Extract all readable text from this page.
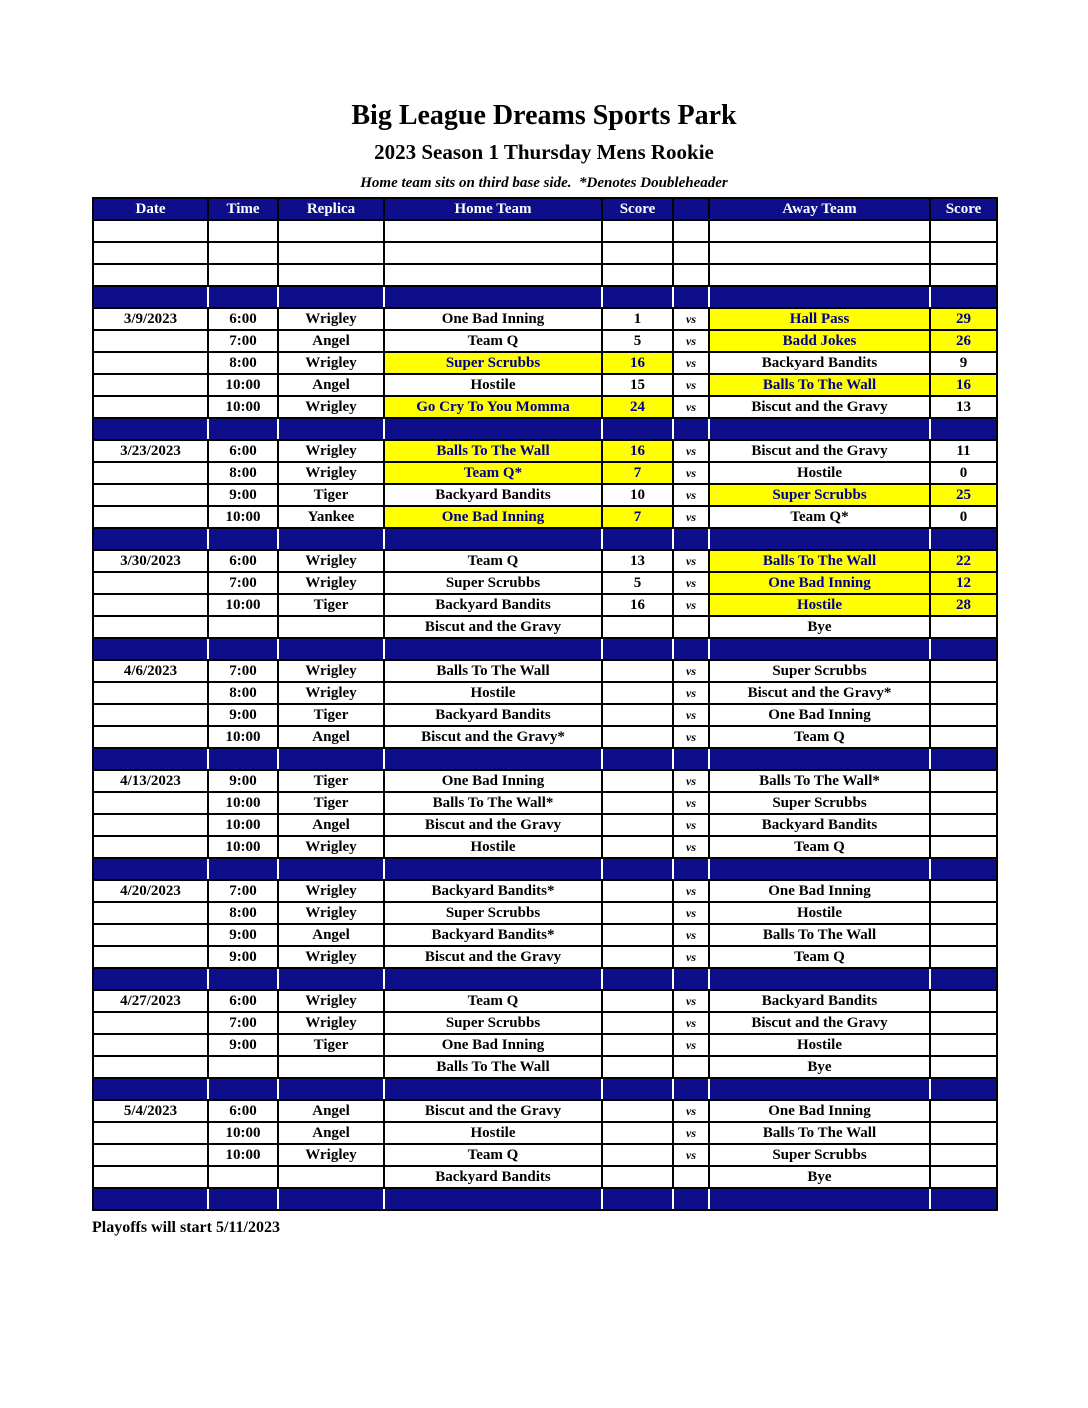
Big League Dreams Sports Park
2023 Season 1 Thursday Mens Rookie
Home team sits on third base side.  *Denotes Doubleheader
Date	Time	Replica	Home Team	Score		Away Team	Score

3/9/2023	6:00	Wrigley	One Bad Inning	1	vs	Hall Pass	29
	7:00	Angel	Team Q	5	vs	Badd Jokes	26
	8:00	Wrigley	Super Scrubbs	16	vs	Backyard Bandits	9
	10:00	Angel	Hostile	15	vs	Balls To The Wall	16
	10:00	Wrigley	Go Cry To You Momma	24	vs	Biscut and the Gravy	13

3/23/2023	6:00	Wrigley	Balls To The Wall	16	vs	Biscut and the Gravy	11
	8:00	Wrigley	Team Q*	7	vs	Hostile	0
	9:00	Tiger	Backyard Bandits	10	vs	Super Scrubbs	25
	10:00	Yankee	One Bad Inning	7	vs	Team Q*	0

3/30/2023	6:00	Wrigley	Team Q	13	vs	Balls To The Wall	22
	7:00	Wrigley	Super Scrubbs	5	vs	One Bad Inning	12
	10:00	Tiger	Backyard Bandits	16	vs	Hostile	28
			Biscut and the Gravy			Bye	

4/6/2023	7:00	Wrigley	Balls To The Wall		vs	Super Scrubbs	
	8:00	Wrigley	Hostile		vs	Biscut and the Gravy*	
	9:00	Tiger	Backyard Bandits		vs	One Bad Inning	
	10:00	Angel	Biscut and the Gravy*		vs	Team Q	

4/13/2023	9:00	Tiger	One Bad Inning		vs	Balls To The Wall*	
	10:00	Tiger	Balls To The Wall*		vs	Super Scrubbs	
	10:00	Angel	Biscut and the Gravy		vs	Backyard Bandits	
	10:00	Wrigley	Hostile		vs	Team Q	

4/20/2023	7:00	Wrigley	Backyard Bandits*		vs	One Bad Inning	
	8:00	Wrigley	Super Scrubbs		vs	Hostile	
	9:00	Angel	Backyard Bandits*		vs	Balls To The Wall	
	9:00	Wrigley	Biscut and the Gravy		vs	Team Q	

4/27/2023	6:00	Wrigley	Team Q		vs	Backyard Bandits	
	7:00	Wrigley	Super Scrubbs		vs	Biscut and the Gravy	
	9:00	Tiger	One Bad Inning		vs	Hostile	
			Balls To The Wall			Bye	

5/4/2023	6:00	Angel	Biscut and the Gravy		vs	One Bad Inning	
	10:00	Angel	Hostile		vs	Balls To The Wall	
	10:00	Wrigley	Team Q		vs	Super Scrubbs	
			Backyard Bandits			Bye	

Playoffs will start 5/11/2023
